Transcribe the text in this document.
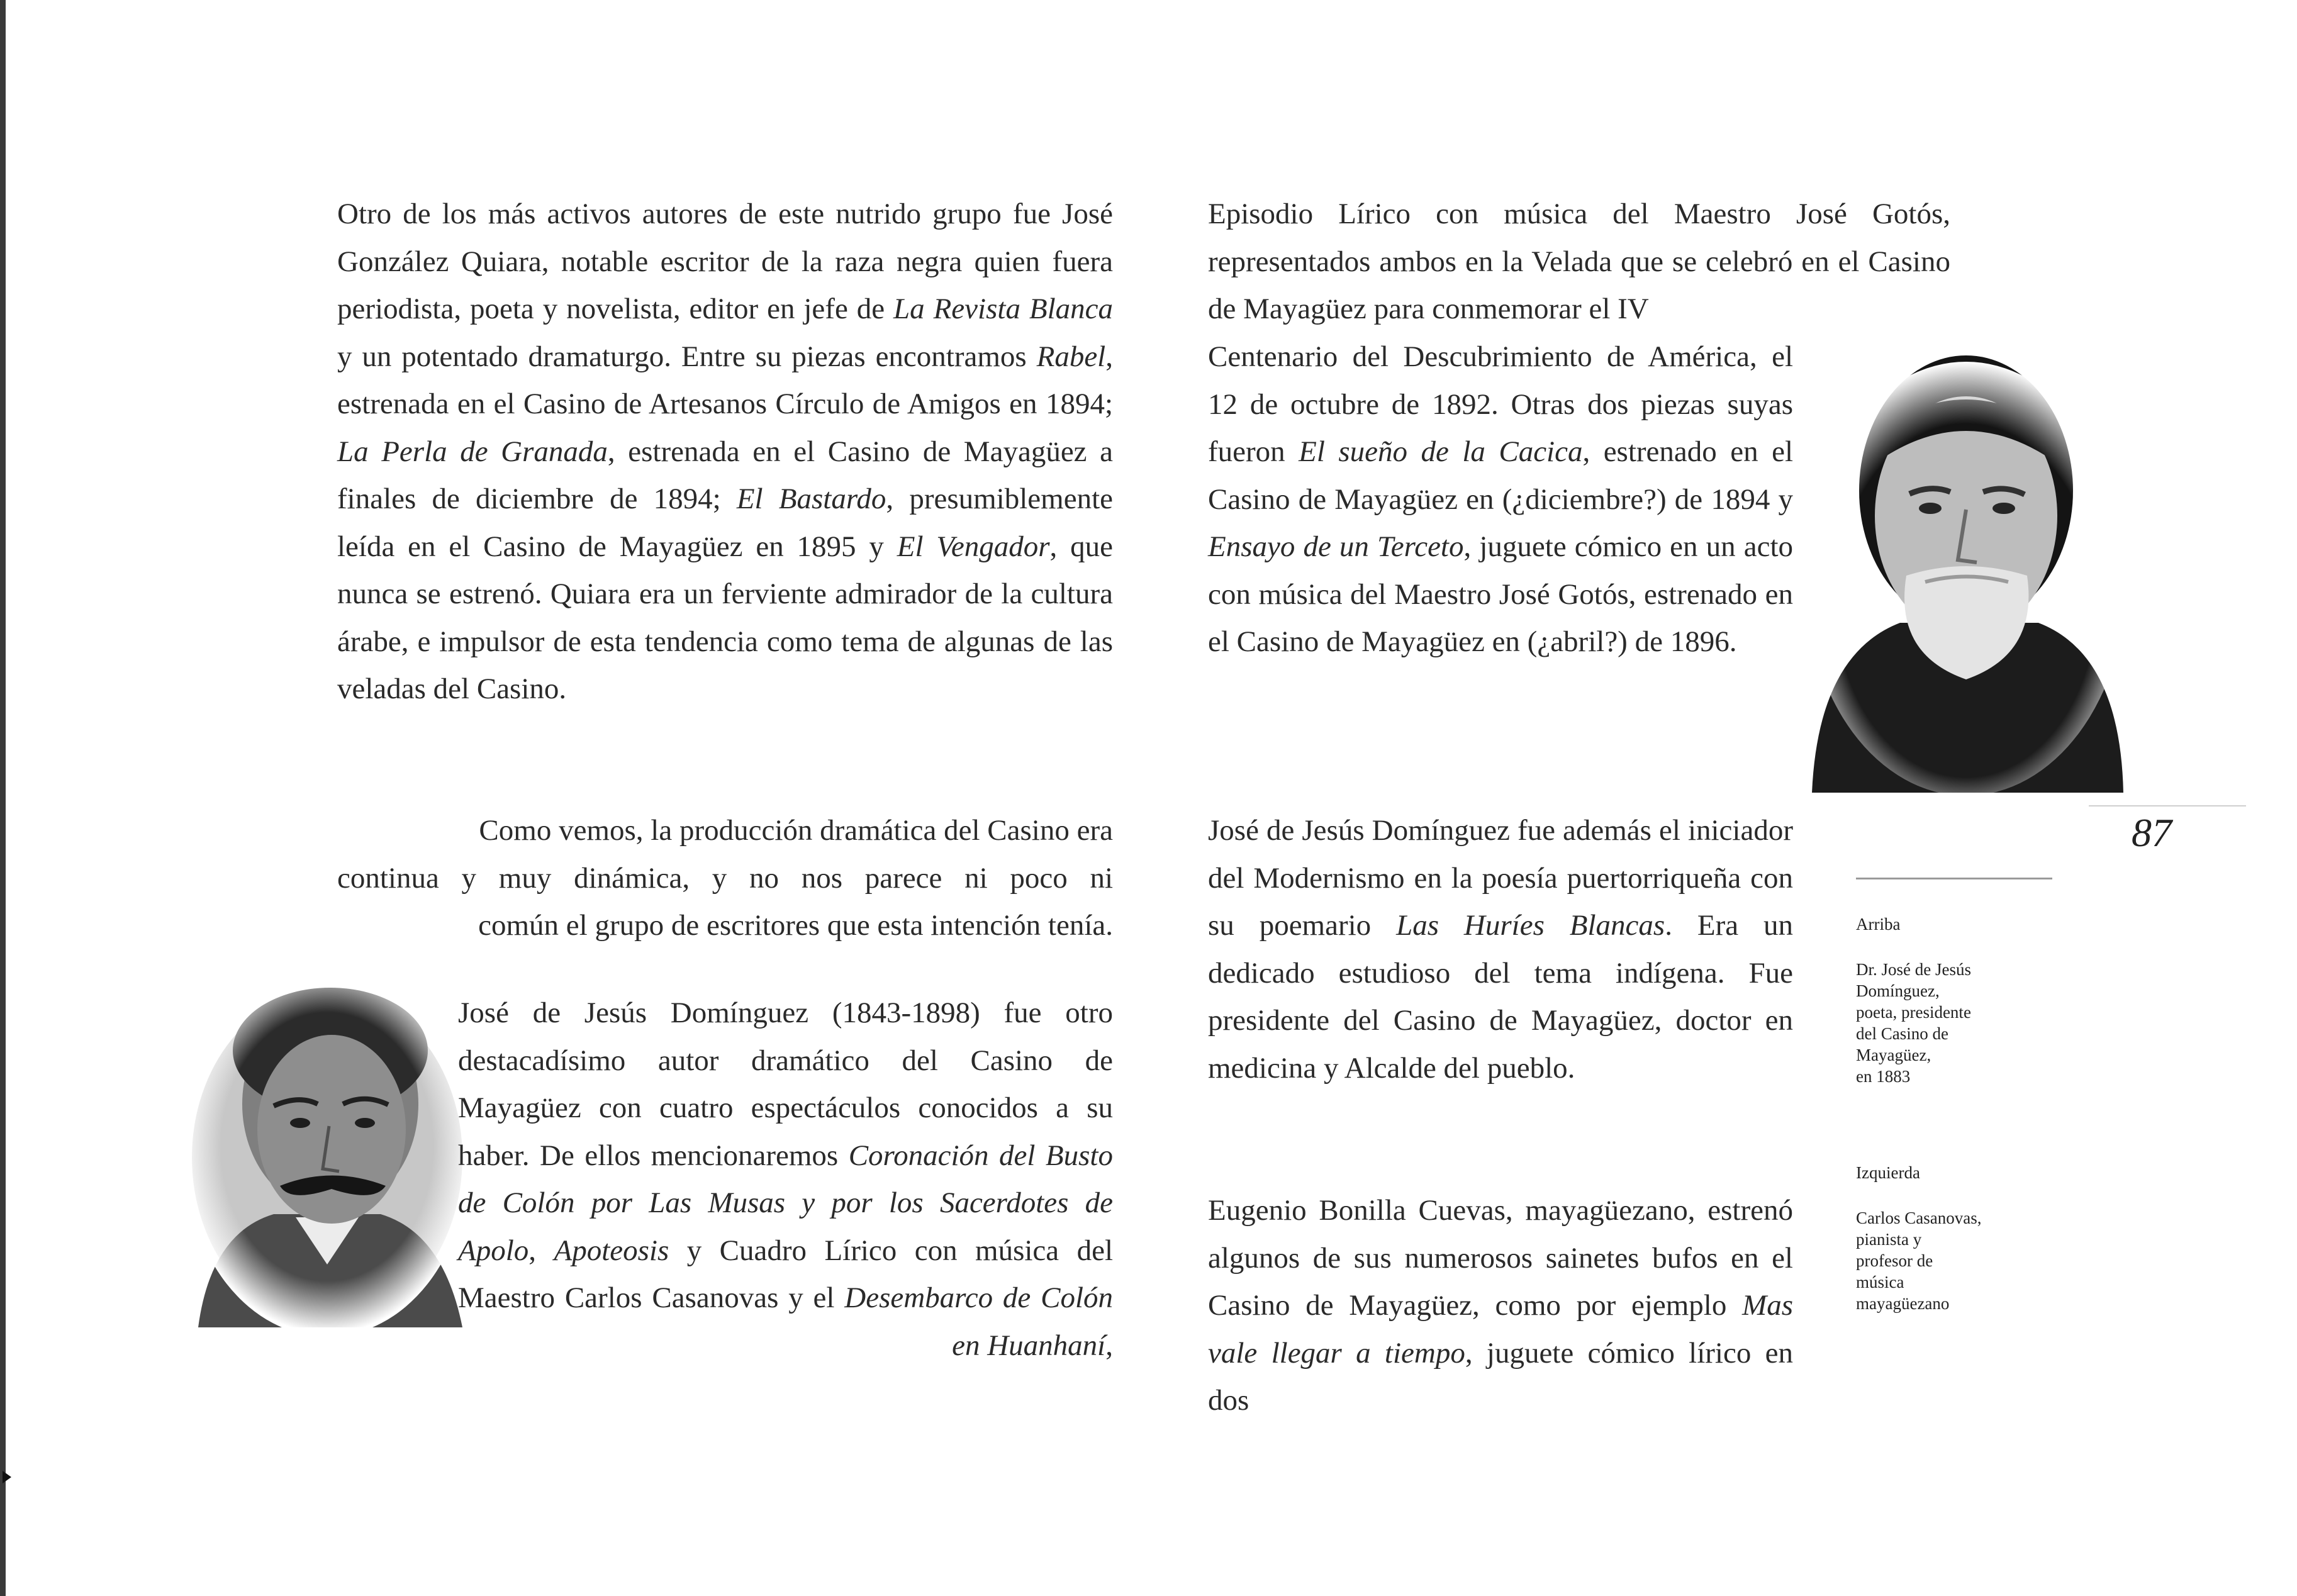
Otro de los más activos autores de este nutrido grupo fue José González Quiara, notable escritor de la raza negra quien fuera periodista, poeta y novelista, editor en jefe de La Revista Blanca y un potentado dramaturgo. Entre su piezas encontramos Rabel, estrenada en el Casino de Artesanos Círculo de Amigos en 1894; La Perla de Granada, estrenada en el Casino de Mayagüez a finales de diciembre de 1894; El Bastardo, presumiblemente leída en el Casino de Mayagüez en 1895 y El Vengador, que nunca se estrenó. Quiara era un ferviente admirador de la cultura árabe, e impulsor de esta tendencia como tema de algunas de las veladas del Casino.

Como vemos, la producción dramática del Casino era

continua y muy dinámica, y no nos parece ni poco ni

común el grupo de escritores que esta intención tenía.

José de Jesús Domínguez (1843-1898) fue otro destacadísimo autor dramático del Casino de Mayagüez con cuatro espectáculos conocidos a su haber. De ellos mencionaremos Coronación del Busto de Colón por Las Musas y por los Sacerdotes de Apolo, Apoteosis y Cuadro Lírico con música del Maestro Carlos Casanovas y el Desembarco de Colón en Huanhaní,

Episodio Lírico con música del Maestro José Gotós, representados ambos en la Velada que se celebró en el Casino de Mayagüez para conmemorar el IV

Centenario del Descubrimiento de América, el 12 de octubre de 1892. Otras dos piezas suyas fueron El sueño de la Cacica, estrenado en el Casino de Mayagüez en (¿diciembre?) de 1894 y Ensayo de un Terceto, juguete cómico en un acto con música del Maestro José Gotós, estrenado en el Casino de Mayagüez en (¿abril?) de 1896.

José de Jesús Domínguez fue además el iniciador del Modernismo en la poesía puertorriqueña con su poemario Las Huríes Blancas. Era un dedicado estudioso del tema indígena. Fue presidente del Casino de Mayagüez, doctor en medicina y Alcalde del pueblo.

Eugenio Bonilla Cuevas, mayagüezano, estrenó algunos de sus numerosos sainetes bufos en el Casino de Mayagüez, como por ejemplo Mas vale llegar a tiempo, juguete cómico lírico en dos

87

Arriba

Dr. José de Jesús

Domínguez,

poeta, presidente

del Casino de

Mayagüez,

en 1883

Izquierda

Carlos Casanovas,

pianista y

profesor de

música

mayagüezano
